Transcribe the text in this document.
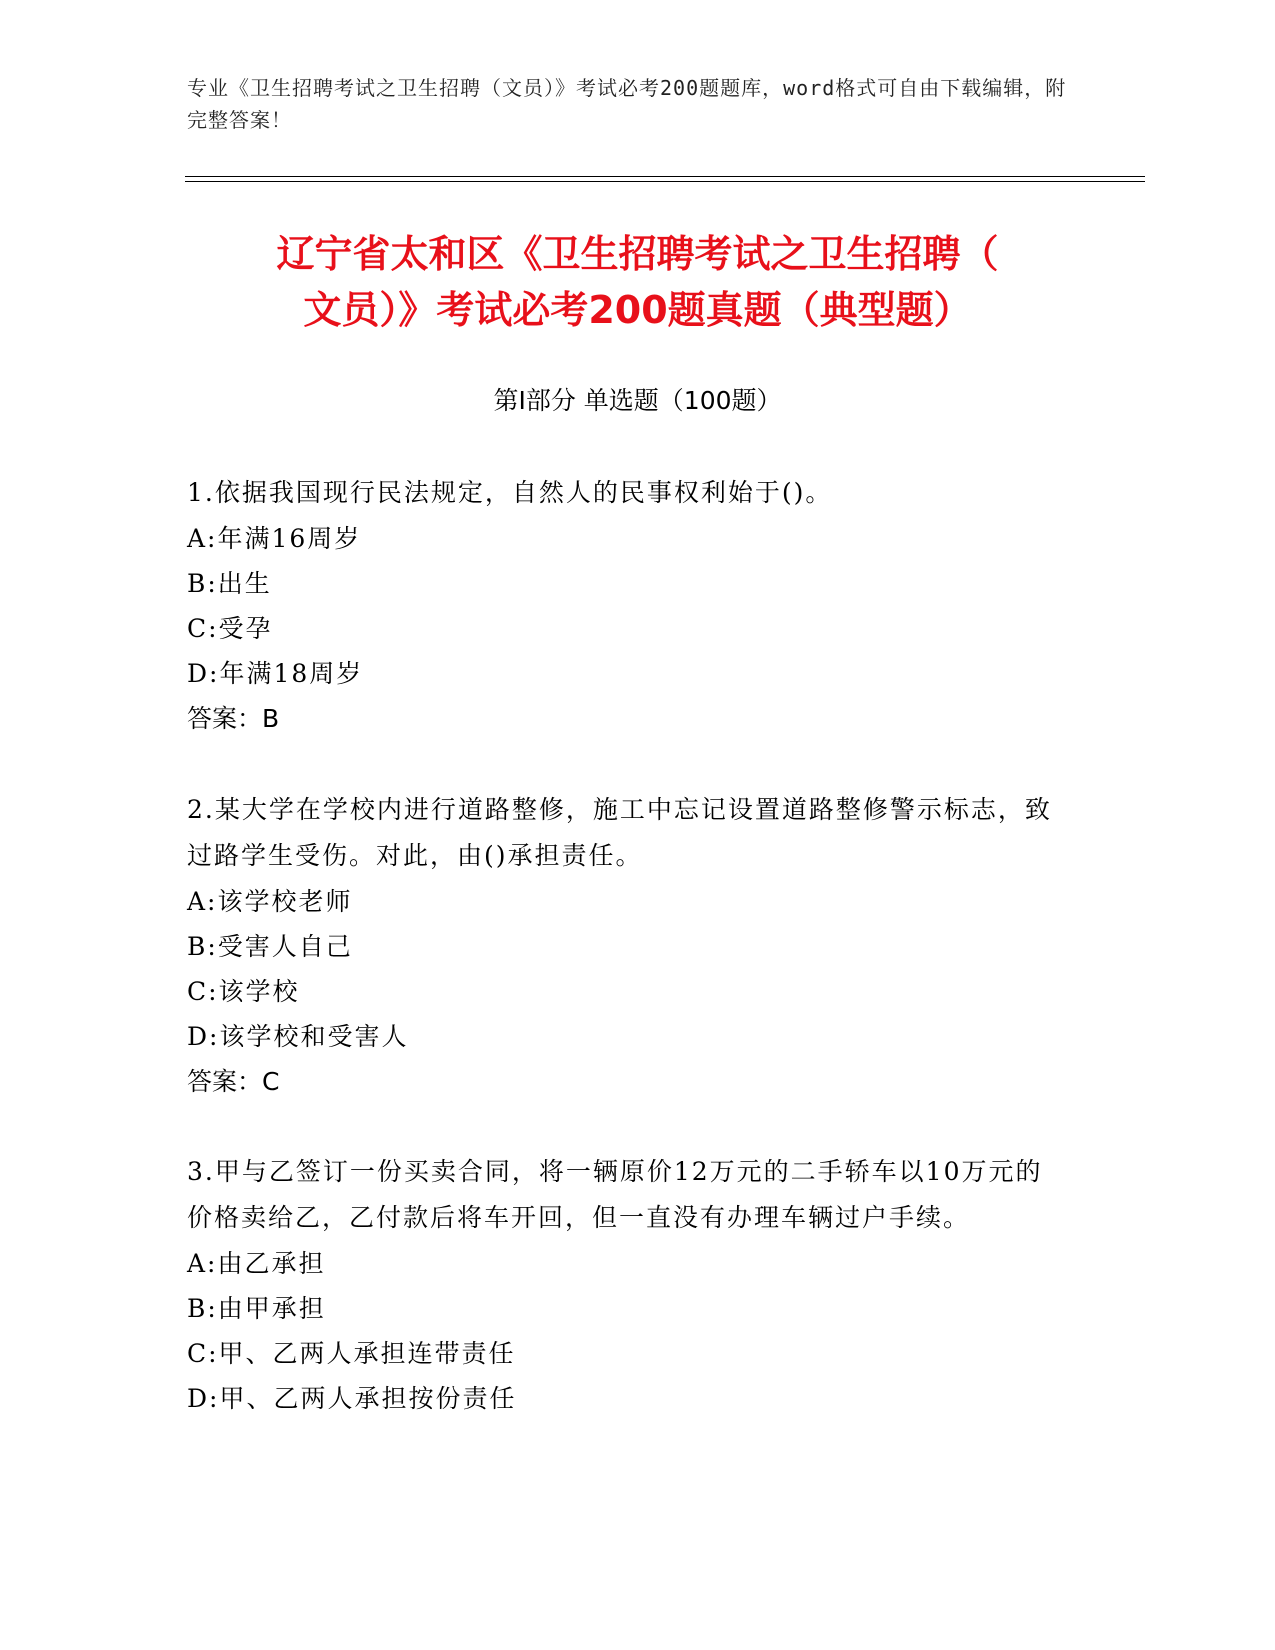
专业《卫生招聘考试之卫生招聘（文员）》考试必考200题题库，word格式可自由下载编辑，附完整答案！
辽宁省太和区《卫生招聘考试之卫生招聘（
文员）》考试必考200题真题（典型题）
第I部分 单选题（100题）

1.依据我国现行民法规定，自然人的民事权利始于()。

A:年满16周岁

B:出生

C:受孕

D:年满18周岁

答案：B

2.某大学在学校内进行道路整修，施工中忘记设置道路整修警示标志，致过路学生受伤。对此，由()承担责任。

A:该学校老师

B:受害人自己

C:该学校

D:该学校和受害人

答案：C

3.甲与乙签订一份买卖合同，将一辆原价12万元的二手轿车以10万元的价格卖给乙，乙付款后将车开回，但一直没有办理车辆过户手续。

A:由乙承担

B:由甲承担

C:甲、乙两人承担连带责任

D:甲、乙两人承担按份责任
